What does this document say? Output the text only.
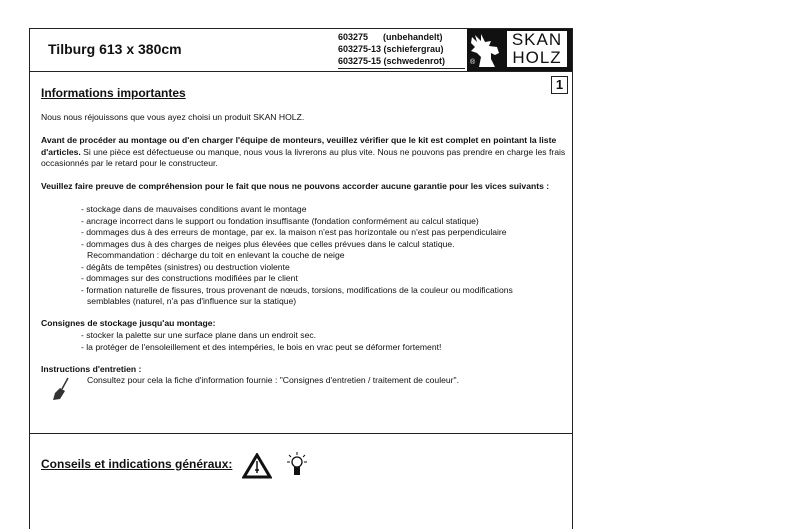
Tilburg 613 x 380cm
603275      (unbehandelt)
603275-13 (schiefergrau)
603275-15 (schwedenrot)
SKAN
HOLZ
®
1
Informations importantes
Nous nous réjouissons que vous ayez choisi un produit SKAN HOLZ.
Avant de procéder au montage ou d'en charger l'équipe de monteurs, veuillez vérifier que le kit est complet en pointant la liste d'articles. Si une pièce est défectueuse ou manque, nous vous la livrerons au plus vite. Nous ne pouvons pas prendre en charge les frais occasionnés par le retard pour le constructeur.
Veuillez faire preuve de compréhension pour le fait que nous ne pouvons accorder aucune garantie pour les vices suivants :
- stockage dans de mauvaises conditions avant le montage
- ancrage incorrect dans le support ou fondation insuffisante (fondation conformément au calcul statique)
- dommages dus à des erreurs de montage, par ex. la maison n'est pas horizontale ou n'est pas perpendiculaire
- dommages dus à des charges de neiges plus élevées que celles prévues dans le calcul statique.
Recommandation : décharge du toit en enlevant la couche de neige
- dégâts de tempêtes (sinistres) ou destruction violente
- dommages sur des constructions modifiées par le client
- formation naturelle de fissures, trous provenant de nœuds, torsions, modifications de la couleur ou modifications
semblables (naturel, n'a pas d'influence sur la statique)
Consignes de stockage jusqu'au montage:
- stocker la palette sur une surface plane dans un endroit sec.
- la protéger de l'ensoleillement et des intempéries, le bois en vrac peut se déformer fortement!
Instructions d'entretien :
Consultez pour cela la fiche d'information fournie : "Consignes d'entretien / traitement de couleur".
Conseils et indications généraux:
